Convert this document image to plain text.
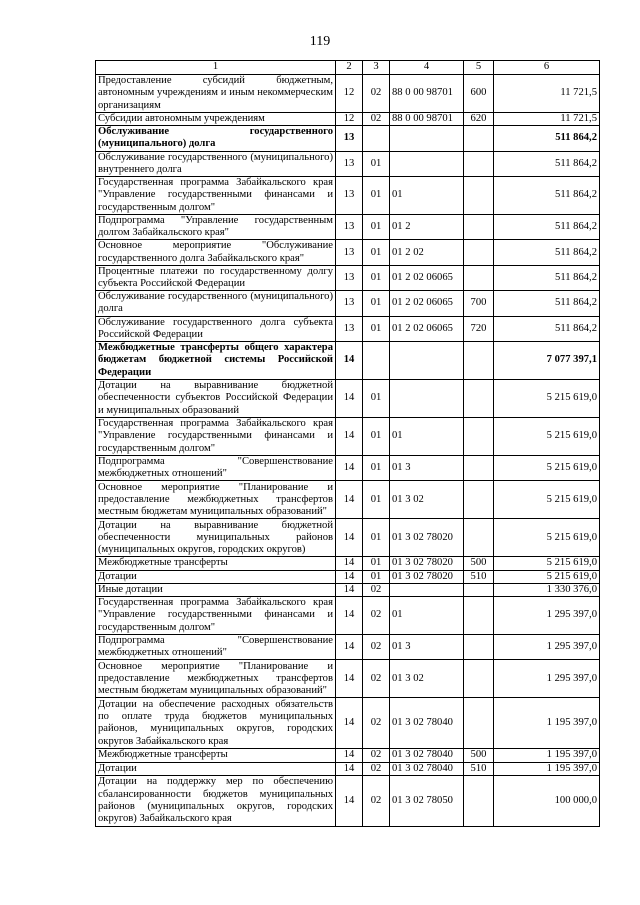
119
1	2	3	4	5	6
Предоставление субсидий бюджетным, автономным учреждениям и иным некоммерческим организациям	12	02	88 0 00 98701	600	11 721,5
Субсидии автономным учреждениям	12	02	88 0 00 98701	620	11 721,5
Обслуживание государственного (муниципального) долга	13				511 864,2
Обслуживание государственного (муниципального) внутреннего долга	13	01			511 864,2
Государственная программа Забайкальского края "Управление государственными финансами и государственным долгом"	13	01	01		511 864,2
Подпрограмма "Управление государственным долгом Забайкальского края"	13	01	01 2		511 864,2
Основное мероприятие "Обслуживание государственного долга Забайкальского края"	13	01	01 2 02		511 864,2
Процентные платежи по государственному долгу субъекта Российской Федерации	13	01	01 2 02 06065		511 864,2
Обслуживание государственного (муниципального) долга	13	01	01 2 02 06065	700	511 864,2
Обслуживание государственного долга субъекта Российской Федерации	13	01	01 2 02 06065	720	511 864,2
Межбюджетные трансферты общего характера бюджетам бюджетной системы Российской Федерации	14				7 077 397,1
Дотации на выравнивание бюджетной обеспеченности субъектов Российской Федерации и муниципальных образований	14	01			5 215 619,0
Государственная программа Забайкальского края "Управление государственными финансами и государственным долгом"	14	01	01		5 215 619,0
Подпрограмма "Совершенствование межбюджетных отношений"	14	01	01 3		5 215 619,0
Основное мероприятие "Планирование и предоставление межбюджетных трансфертов местным бюджетам муниципальных образований"	14	01	01 3 02		5 215 619,0
Дотации на выравнивание бюджетной обеспеченности муниципальных районов (муниципальных округов, городских округов)	14	01	01 3 02 78020		5 215 619,0
Межбюджетные трансферты	14	01	01 3 02 78020	500	5 215 619,0
Дотации	14	01	01 3 02 78020	510	5 215 619,0
Иные дотации	14	02			1 330 376,0
Государственная программа Забайкальского края "Управление государственными финансами и государственным долгом"	14	02	01		1 295 397,0
Подпрограмма "Совершенствование межбюджетных отношений"	14	02	01 3		1 295 397,0
Основное мероприятие "Планирование и предоставление межбюджетных трансфертов местным бюджетам муниципальных образований"	14	02	01 3 02		1 295 397,0
Дотации на обеспечение расходных обязательств по оплате труда бюджетов муниципальных районов, муниципальных округов, городских округов Забайкальского края	14	02	01 3 02 78040		1 195 397,0
Межбюджетные трансферты	14	02	01 3 02 78040	500	1 195 397,0
Дотации	14	02	01 3 02 78040	510	1 195 397,0
Дотации на поддержку мер по обеспечению сбалансированности бюджетов муниципальных районов (муниципальных округов, городских округов) Забайкальского края	14	02	01 3 02 78050		100 000,0
